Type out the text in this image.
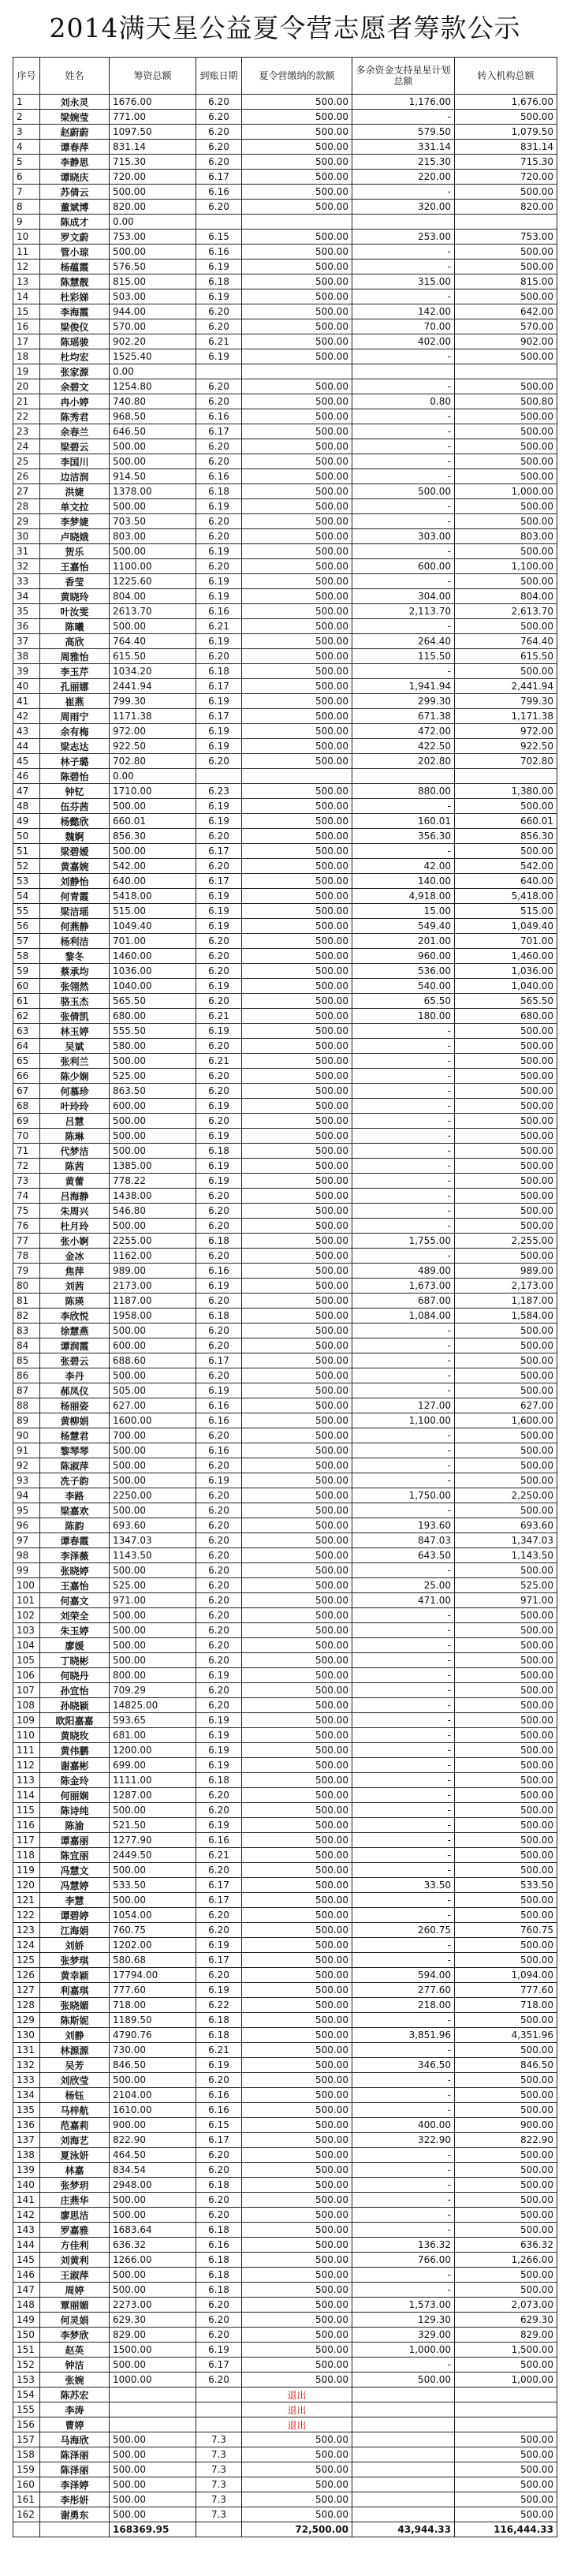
2014满天星公益夏令营志愿者筹款公示
序号	姓名	筹资总额	到账日期	夏令营缴纳的款额	多余资金支持星星计划总额	转入机构总额
1	刘永灵	1676.00	6.20	500.00	1,176.00	1,676.00
2	梁婉莹	771.00	6.20	500.00	-	500.00
3	赵蔚蔚	1097.50	6.20	500.00	579.50	1,079.50
4	谭春萍	831.14	6.20	500.00	331.14	831.14
5	李静思	715.30	6.20	500.00	215.30	715.30
6	谭晓庆	720.00	6.17	500.00	220.00	720.00
7	苏倩云	500.00	6.16	500.00	-	500.00
8	董斌博	820.00	6.20	500.00	320.00	820.00
9	陈成才	0.00				
10	罗文蔚	753.00	6.15	500.00	253.00	753.00
11	管小琼	500.00	6.16	500.00	-	500.00
12	杨蕴霞	576.50	6.19	500.00	-	500.00
13	陈慧靓	815.00	6.18	500.00	315.00	815.00
14	杜彩娣	503.00	6.19	500.00	-	500.00
15	李海霞	944.00	6.20	500.00	142.00	642.00
16	梁俊仪	570.00	6.20	500.00	70.00	570.00
17	陈瑶骏	902.20	6.21	500.00	402.00	902.00
18	杜均宏	1525.40	6.19	500.00	-	500.00
19	张家源	0.00				
20	余碧文	1254.80	6.20	500.00	-	500.00
21	冉小婷	740.80	6.20	500.00	0.80	500.80
22	陈秀君	968.50	6.16	500.00	-	500.00
23	余春兰	646.50	6.17	500.00	-	500.00
24	梁碧云	500.00	6.20	500.00	-	500.00
25	李国川	500.00	6.20	500.00	-	500.00
26	边洁润	914.50	6.16	500.00	-	500.00
27	洪婕	1378.00	6.18	500.00	500.00	1,000.00
28	单文拉	500.00	6.19	500.00	-	500.00
29	李梦婕	703.50	6.20	500.00	-	500.00
30	卢晓娥	803.00	6.20	500.00	303.00	803.00
31	贺乐	500.00	6.19	500.00	-	500.00
32	王嘉怡	1100.00	6.20	500.00	600.00	1,100.00
33	香莹	1225.60	6.19	500.00	-	500.00
34	黄晓玲	804.00	6.19	500.00	304.00	804.00
35	叶汝雯	2613.70	6.16	500.00	2,113.70	2,613.70
36	陈曦	500.00	6.21	500.00	-	500.00
37	高欣	764.40	6.19	500.00	264.40	764.40
38	周雅怡	615.50	6.20	500.00	115.50	615.50
39	李玉芹	1034.20	6.18	500.00	-	500.00
40	孔丽娜	2441.94	6.17	500.00	1,941.94	2,441.94
41	崔燕	799.30	6.19	500.00	299.30	799.30
42	周雨宁	1171.38	6.17	500.00	671.38	1,171.38
43	余有梅	972.00	6.19	500.00	472.00	972.00
44	梁志达	922.50	6.19	500.00	422.50	922.50
45	林子璐	702.80	6.20	500.00	202.80	702.80
46	陈碧怡	0.00				
47	钟钇	1710.00	6.23	500.00	880.00	1,380.00
48	伍芬茜	500.00	6.19	500.00	-	500.00
49	杨懿欣	660.01	6.19	500.00	160.01	660.01
50	魏婀	856.30	6.20	500.00	356.30	856.30
51	梁碧嫒	500.00	6.17	500.00	-	500.00
52	黄嘉婉	542.00	6.20	500.00	42.00	542.00
53	刘静怡	640.00	6.17	500.00	140.00	640.00
54	何青霞	5418.00	6.19	500.00	4,918.00	5,418.00
55	梁洁瑶	515.00	6.19	500.00	15.00	515.00
56	何燕静	1049.40	6.19	500.00	549.40	1,049.40
57	杨利洁	701.00	6.20	500.00	201.00	701.00
58	黎冬	1460.00	6.20	500.00	960.00	1,460.00
59	蔡承均	1036.00	6.20	500.00	536.00	1,036.00
60	张翎然	1040.00	6.19	500.00	540.00	1,040.00
61	骆玉杰	565.50	6.20	500.00	65.50	565.50
62	张倩凯	680.00	6.21	500.00	180.00	680.00
63	林玉婷	555.50	6.19	500.00	-	500.00
64	吴斌	580.00	6.20	500.00	-	500.00
65	张利兰	500.00	6.21	500.00	-	500.00
66	陈少娴	525.00	6.20	500.00	-	500.00
67	何慕珍	863.50	6.20	500.00	-	500.00
68	叶玲玲	600.00	6.19	500.00	-	500.00
69	吕慧	500.00	6.20	500.00	-	500.00
70	陈琳	500.00	6.19	500.00	-	500.00
71	代梦洁	500.00	6.18	500.00	-	500.00
72	陈茜	1385.00	6.19	500.00	-	500.00
73	黄蕾	778.22	6.19	500.00	-	500.00
74	吕海静	1438.00	6.20	500.00	-	500.00
75	朱周兴	546.80	6.20	500.00	-	500.00
76	杜月玲	500.00	6.20	500.00	-	500.00
77	张小婀	2255.00	6.18	500.00	1,755.00	2,255.00
78	金冰	1162.00	6.20	500.00	-	500.00
79	焦萍	989.00	6.16	500.00	489.00	989.00
80	刘茜	2173.00	6.19	500.00	1,673.00	2,173.00
81	陈瑛	1187.00	6.20	500.00	687.00	1,187.00
82	李欣悦	1958.00	6.18	500.00	1,084.00	1,584.00
83	徐慧燕	500.00	6.20	500.00	-	500.00
84	谭润霞	600.00	6.20	500.00	-	500.00
85	张碧云	688.60	6.17	500.00	-	500.00
86	李丹	500.00	6.20	500.00	-	500.00
87	郝凤仪	505.00	6.19	500.00	-	500.00
88	杨丽姿	627.00	6.16	500.00	127.00	627.00
89	黄柳娟	1600.00	6.16	500.00	1,100.00	1,600.00
90	杨慧君	700.00	6.20	500.00	-	500.00
91	黎琴琴	500.00	6.16	500.00	-	500.00
92	陈淑萍	500.00	6.20	500.00	-	500.00
93	冼子韵	500.00	6.19	500.00	-	500.00
94	李路	2250.00	6.20	500.00	1,750.00	2,250.00
95	梁嘉欢	500.00	6.20	500.00	-	500.00
96	陈韵	693.60	6.20	500.00	193.60	693.60
97	谭春霞	1347.03	6.20	500.00	847.03	1,347.03
98	李泽薇	1143.50	6.20	500.00	643.50	1,143.50
99	张晓婷	500.00	6.20	500.00	-	500.00
100	王嘉怡	525.00	6.20	500.00	25.00	525.00
101	何嘉文	971.00	6.20	500.00	471.00	971.00
102	刘荣全	500.00	6.20	500.00	-	500.00
103	朱玉婷	500.00	6.20	500.00	-	500.00
104	廖媛	500.00	6.20	500.00	-	500.00
105	丁晓彬	500.00	6.20	500.00	-	500.00
106	何晓丹	800.00	6.19	500.00	-	500.00
107	孙宜怡	709.29	6.20	500.00	-	500.00
108	孙晓颖	14825.00	6.20	500.00	-	500.00
109	欧阳嘉嘉	593.65	6.19	500.00	-	500.00
110	黄晓玫	681.00	6.19	500.00	-	500.00
111	黄伟鹏	1200.00	6.19	500.00	-	500.00
112	谢嘉彬	699.00	6.19	500.00	-	500.00
113	陈金玲	1111.00	6.18	500.00	-	500.00
114	何丽娴	1287.00	6.20	500.00	-	500.00
115	陈诗纯	500.00	6.20	500.00	-	500.00
116	陈渝	521.50	6.19	500.00	-	500.00
117	谭嘉丽	1277.90	6.16	500.00	-	500.00
118	陈宜丽	2449.50	6.21	500.00	-	500.00
119	冯慧文	500.00	6.20	500.00	-	500.00
120	冯慧婷	533.50	6.17	500.00	33.50	533.50
121	李慧	500.00	6.17	500.00	-	500.00
122	谭碧婷	1054.00	6.20	500.00	-	500.00
123	江海娟	760.75	6.20	500.00	260.75	760.75
124	刘娇	1202.00	6.19	500.00	-	500.00
125	张梦琪	580.68	6.17	500.00	-	500.00
126	黄幸颖	17794.00	6.20	500.00	594.00	1,094.00
127	利嘉琪	777.60	6.19	500.00	277.60	777.60
128	张晓媚	718.00	6.22	500.00	218.00	718.00
129	陈斯妮	1189.50	6.18	500.00	-	500.00
130	刘静	4790.76	6.18	500.00	3,851.96	4,351.96
131	林源源	730.00	6.21	500.00	-	500.00
132	吴芳	846.50	6.19	500.00	346.50	846.50
133	刘欣莹	500.00	6.20	500.00	-	500.00
134	杨钰	2104.00	6.16	500.00	-	500.00
135	马梓航	1610.00	6.16	500.00	-	500.00
136	范嘉莉	900.00	6.15	500.00	400.00	900.00
137	刘海艺	822.90	6.17	500.00	322.90	822.90
138	夏泳妍	464.50	6.20	500.00	-	500.00
139	林嘉	834.54	6.20	500.00	-	500.00
140	张梦玥	2948.00	6.18	500.00	-	500.00
141	庄燕华	500.00	6.20	500.00	-	500.00
142	廖思洁	500.00	6.20	500.00	-	500.00
143	罗嘉雅	1683.64	6.18	500.00	-	500.00
144	方佳利	636.32	6.16	500.00	136.32	636.32
145	刘黄利	1266.00	6.18	500.00	766.00	1,266.00
146	王淑萍	500.00	6.18	500.00	-	500.00
147	周婷	500.00	6.18	500.00	-	500.00
148	覃丽媚	2273.00	6.20	500.00	1,573.00	2,073.00
149	何灵娟	629.30	6.20	500.00	129.30	629.30
150	李梦欣	829.00	6.20	500.00	329.00	829.00
151	赵英	1500.00	6.19	500.00	1,000.00	1,500.00
152	钟洁	500.00	6.17	500.00	-	500.00
153	张婉	1000.00	6.20	500.00	500.00	1,000.00
154	陈苏宏			退出		
155	李涛			退出		
156	曹婷			退出		
157	马海欣	500.00	7.3	500.00		500.00
158	陈泽丽	500.00	7.3	500.00		500.00
159	陈泽丽	500.00	7.3	500.00		500.00
160	李泽婷	500.00	7.3	500.00		500.00
161	李彤妍	500.00	7.3	500.00		500.00
162	谢勇东	500.00	7.3	500.00		500.00
		168369.95		72,500.00	43,944.33	116,444.33
